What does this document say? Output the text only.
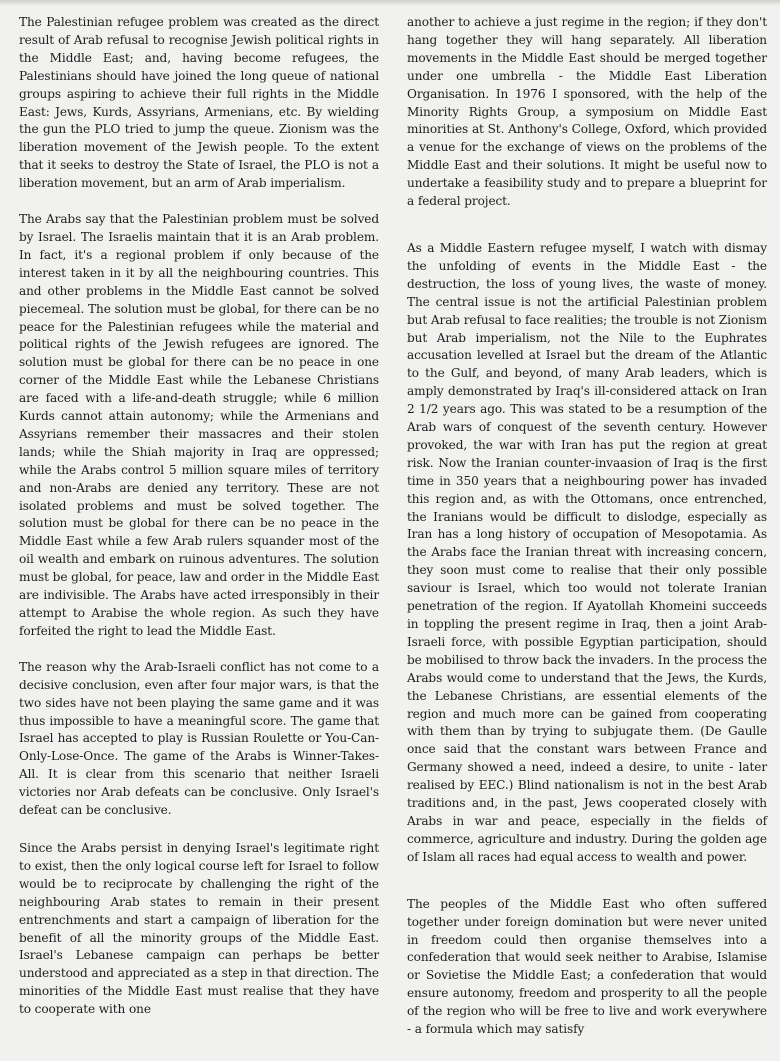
The Palestinian refugee problem was created as the direct result of Arab refusal to recognise Jewish political rights in the Middle East; and, having become refugees, the Palestinians should have joined the long queue of national groups aspiring to achieve their full rights in the Middle East: Jews, Kurds, Assyrians, Armenians, etc. By wielding the gun the PLO tried to jump the queue. Zionism was the liberation movement of the Jewish people. To the extent that it seeks to destroy the State of Israel, the PLO is not a liberation movement, but an arm of Arab imperialism.

The Arabs say that the Palestinian problem must be solved by Israel. The Israelis maintain that it is an Arab problem. In fact, it's a regional problem if only because of the interest taken in it by all the neighbouring countries. This and other problems in the Middle East cannot be solved piecemeal. The solution must be global, for there can be no peace for the Palestinian refugees while the material and political rights of the Jewish refugees are ignored. The solution must be global for there can be no peace in one corner of the Middle East while the Lebanese Christians are faced with a life-and-death struggle; while 6 million Kurds cannot attain autonomy; while the Armenians and Assyrians remember their massacres and their stolen lands; while the Shiah majority in Iraq are oppressed; while the Arabs control 5 million square miles of territory and non-Arabs are denied any territory. These are not isolated problems and must be solved together. The solution must be global for there can be no peace in the Middle East while a few Arab rulers squander most of the oil wealth and embark on ruinous adventures. The solution must be global, for peace, law and order in the Middle East are indivisible. The Arabs have acted irresponsibly in their attempt to Arabise the whole region. As such they have forfeited the right to lead the Middle East.

The reason why the Arab-Israeli conflict has not come to a decisive conclusion, even after four major wars, is that the two sides have not been playing the same game and it was thus impossible to have a meaningful score. The game that Israel has accepted to play is Russian Roulette or You-Can-Only-Lose-Once. The game of the Arabs is Winner-Takes-All. It is clear from this scenario that neither Israeli victories nor Arab defeats can be conclusive. Only Israel's defeat can be conclusive.

Since the Arabs persist in denying Israel's legitimate right to exist, then the only logical course left for Israel to follow would be to reciprocate by challenging the right of the neighbouring Arab states to remain in their present entrenchments and start a campaign of liberation for the benefit of all the minority groups of the Middle East. Israel's Lebanese campaign can perhaps be better understood and appreciated as a step in that direction. The minorities of the Middle East must realise that they have to cooperate with one

another to achieve a just regime in the region; if they don't hang together they will hang separately. All liberation movements in the Middle East should be merged together under one umbrella - the Middle East Liberation Organisation. In 1976 I sponsored, with the help of the Minority Rights Group, a symposium on Middle East minorities at St. Anthony's College, Oxford, which provided a venue for the exchange of views on the problems of the Middle East and their solutions. It might be useful now to undertake a feasibility study and to prepare a blueprint for a federal project.

As a Middle Eastern refugee myself, I watch with dismay the unfolding of events in the Middle East - the destruction, the loss of young lives, the waste of money. The central issue is not the artificial Palestinian problem but Arab refusal to face realities; the trouble is not Zionism but Arab imperialism, not the Nile to the Euphrates accusation levelled at Israel but the dream of the Atlantic to the Gulf, and beyond, of many Arab leaders, which is amply demonstrated by Iraq's ill-considered attack on Iran 2 1/2 years ago. This was stated to be a resumption of the Arab wars of conquest of the seventh century. However provoked, the war with Iran has put the region at great risk. Now the Iranian counter-invaasion of Iraq is the first time in 350 years that a neighbouring power has invaded this region and, as with the Ottomans, once entrenched, the Iranians would be difficult to dislodge, especially as Iran has a long history of occupation of Mesopotamia. As the Arabs face the Iranian threat with increasing concern, they soon must come to realise that their only possible saviour is Israel, which too would not tolerate Iranian penetration of the region. If Ayatollah Khomeini succeeds in toppling the present regime in Iraq, then a joint Arab-Israeli force, with possible Egyptian participation, should be mobilised to throw back the invaders. In the process the Arabs would come to understand that the Jews, the Kurds, the Lebanese Christians, are essential elements of the region and much more can be gained from cooperating with them than by trying to subjugate them. (De Gaulle once said that the constant wars between France and Germany showed a need, indeed a desire, to unite - later realised by EEC.) Blind nationalism is not in the best Arab traditions and, in the past, Jews cooperated closely with Arabs in war and peace, especially in the fields of commerce, agriculture and industry. During the golden age of Islam all races had equal access to wealth and power.

The peoples of the Middle East who often suffered together under foreign domination but were never united in freedom could then organise themselves into a confederation that would seek neither to Arabise, Islamise or Sovietise the Middle East; a confederation that would ensure autonomy, freedom and prosperity to all the people of the region who will be free to live and work everywhere - a formula which may satisfy
